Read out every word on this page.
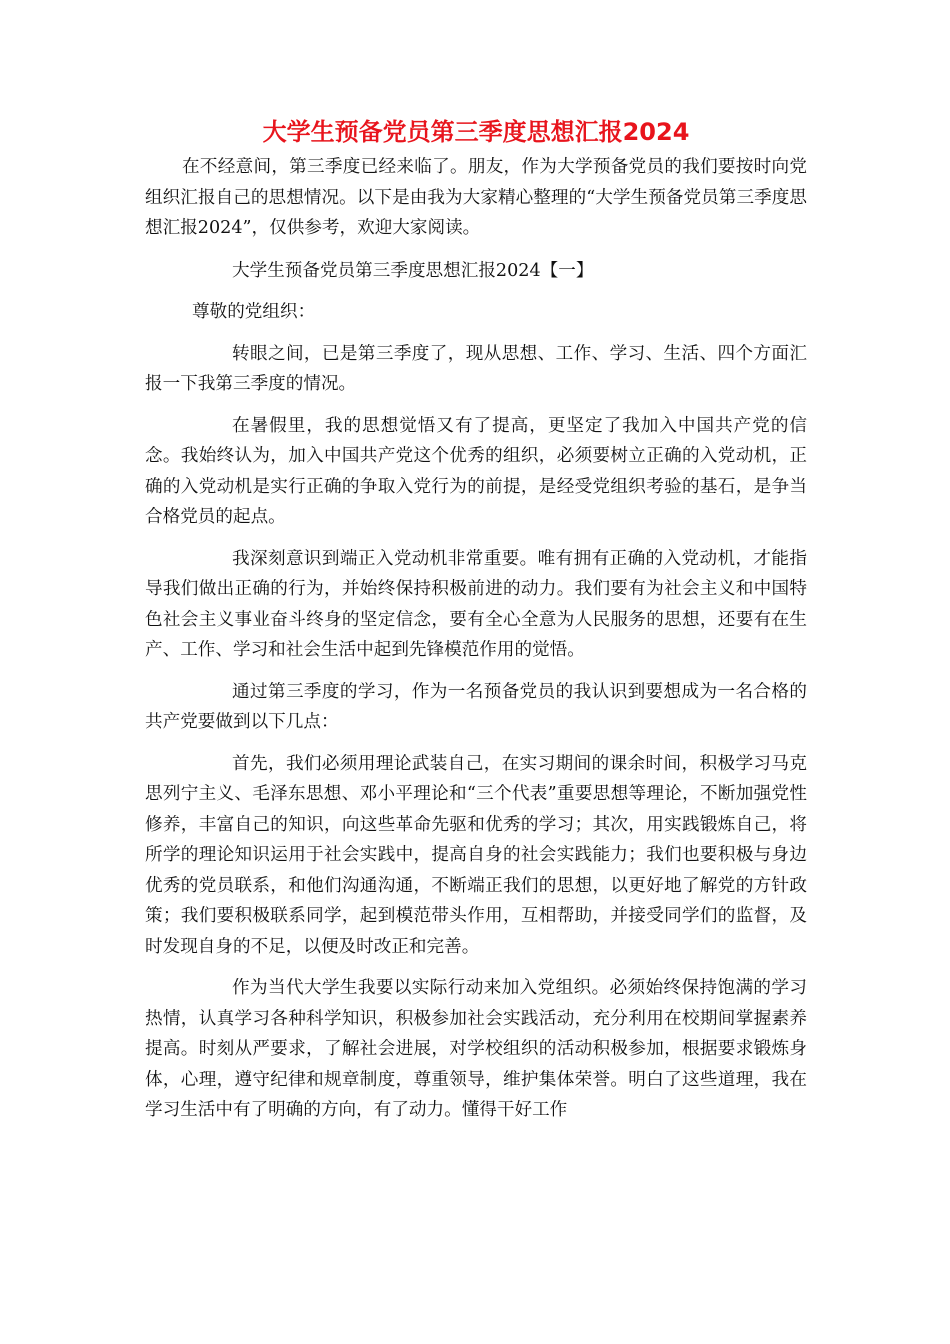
大学生预备党员第三季度思想汇报2024

在不经意间，第三季度已经来临了。朋友，作为大学预备党员的我们要按时向党组织汇报自己的思想情况。以下是由我为大家精心整理的“大学生预备党员第三季度思想汇报2024”，仅供参考，欢迎大家阅读。

大学生预备党员第三季度思想汇报2024【一】

尊敬的党组织：

转眼之间，已是第三季度了，现从思想、工作、学习、生活、四个方面汇报一下我第三季度的情况。

在暑假里，我的思想觉悟又有了提高，更坚定了我加入中国共产党的信念。我始终认为，加入中国共产党这个优秀的组织，必须要树立正确的入党动机，正确的入党动机是实行正确的争取入党行为的前提，是经受党组织考验的基石，是争当合格党员的起点。

我深刻意识到端正入党动机非常重要。唯有拥有正确的入党动机，才能指导我们做出正确的行为，并始终保持积极前进的动力。我们要有为社会主义和中国特色社会主义事业奋斗终身的坚定信念，要有全心全意为人民服务的思想，还要有在生产、工作、学习和社会生活中起到先锋模范作用的觉悟。

通过第三季度的学习，作为一名预备党员的我认识到要想成为一名合格的共产党要做到以下几点：

首先，我们必须用理论武装自己，在实习期间的课余时间，积极学习马克思列宁主义、毛泽东思想、邓小平理论和“三个代表”重要思想等理论，不断加强党性修养，丰富自己的知识，向这些革命先驱和优秀的学习；其次，用实践锻炼自己，将所学的理论知识运用于社会实践中，提高自身的社会实践能力；我们也要积极与身边优秀的党员联系，和他们沟通沟通，不断端正我们的思想，以更好地了解党的方针政策；我们要积极联系同学，起到模范带头作用，互相帮助，并接受同学们的监督，及时发现自身的不足，以便及时改正和完善。

作为当代大学生我要以实际行动来加入党组织。必须始终保持饱满的学习热情，认真学习各种科学知识，积极参加社会实践活动，充分利用在校期间掌握素养提高。时刻从严要求，了解社会进展，对学校组织的活动积极参加，根据要求锻炼身体，心理，遵守纪律和规章制度，尊重领导，维护集体荣誉。明白了这些道理，我在学习生活中有了明确的方向，有了动力。懂得干好工作
